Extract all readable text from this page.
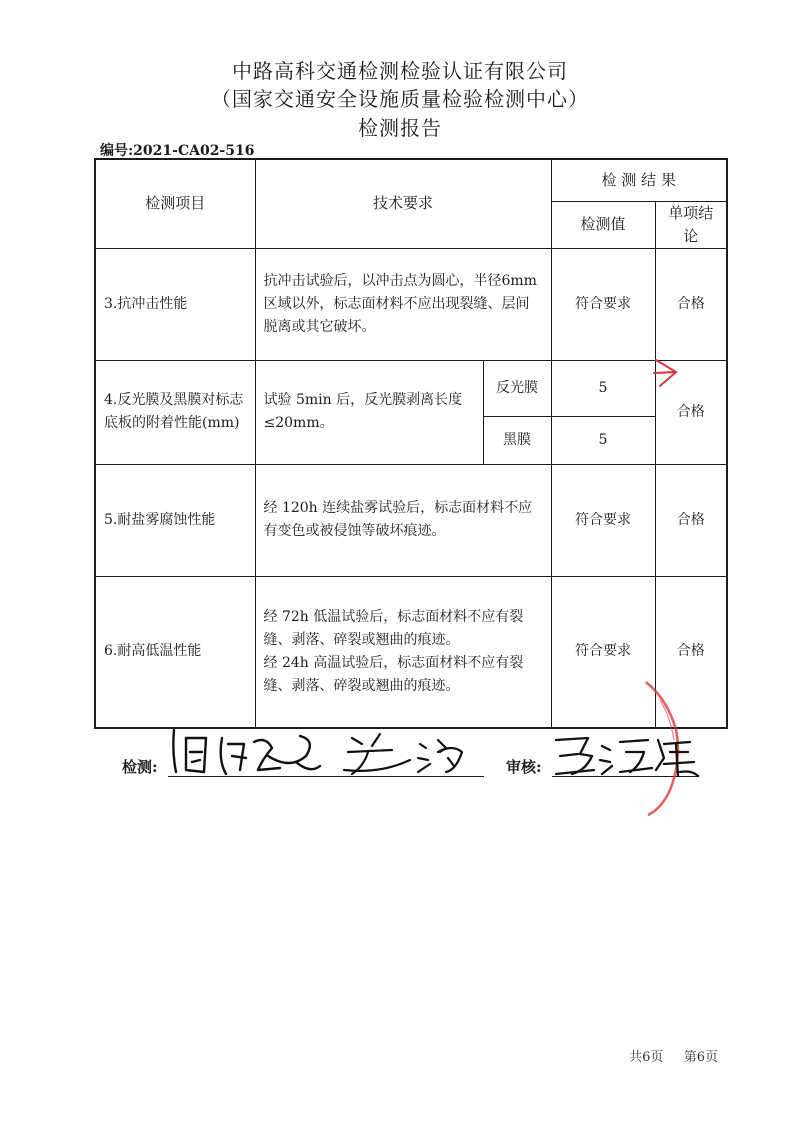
中路高科交通检测检验认证有限公司
（国家交通安全设施质量检验检测中心）
检测报告
编号:2021-CA02-516
检测项目	技术要求		检 测 结 果	
			检测值	单项结论
3.抗冲击性能	抗冲击试验后，以冲击点为圆心，半径6mm 区域以外，标志面材料不应出现裂缝、层间脱离或其它破坏。		符合要求	合格
4.反光膜及黑膜对标志底板的附着性能(mm)	试验 5min 后，反光膜剥离长度≤20mm。	反光膜	5	合格
		黑膜	5	
5.耐盐雾腐蚀性能	经 120h 连续盐雾试验后，标志面材料不应有变色或被侵蚀等破坏痕迹。		符合要求	合格
6.耐高低温性能	经 72h 低温试验后，标志面材料不应有裂缝、剥落、碎裂或翘曲的痕迹。
经 24h 高温试验后，标志面材料不应有裂缝、剥落、碎裂或翘曲的痕迹。		符合要求	合格
检测:	审核:
共6页 第6页
